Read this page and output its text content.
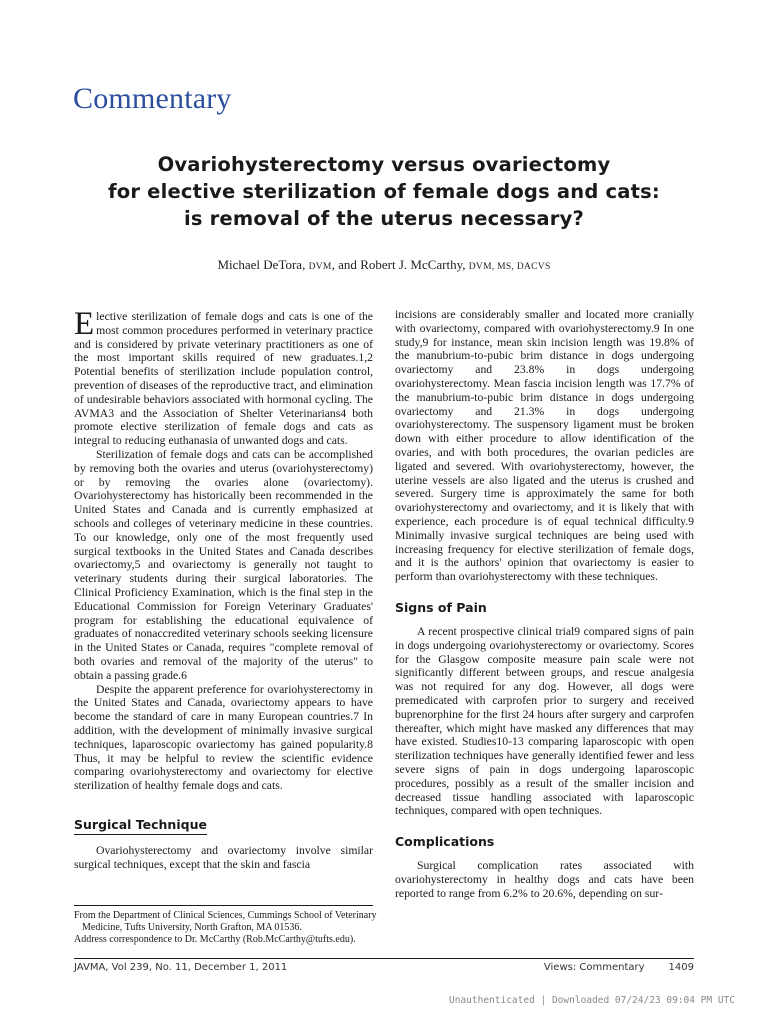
Commentary
Ovariohysterectomy versus ovariectomy
for elective sterilization of female dogs and cats:
is removal of the uterus necessary?
Michael DeTora, DVM, and Robert J. McCarthy, DVM, MS, DACVS

Elective sterilization of female dogs and cats is one of the most common procedures performed in veterinary practice and is considered by private veterinary practitioners as one of the most important skills required of new graduates.1,2 Potential benefits of sterilization include population control, prevention of diseases of the reproductive tract, and elimination of undesirable behaviors associated with hormonal cycling. The AVMA3 and the Association of Shelter Veterinarians4 both promote elective sterilization of female dogs and cats as integral to reducing euthanasia of unwanted dogs and cats.

Sterilization of female dogs and cats can be accomplished by removing both the ovaries and uterus (ovariohysterectomy) or by removing the ovaries alone (ovariectomy). Ovariohysterectomy has historically been recommended in the United States and Canada and is currently emphasized at schools and colleges of veterinary medicine in these countries. To our knowledge, only one of the most frequently used surgical textbooks in the United States and Canada describes ovariectomy,5 and ovariectomy is generally not taught to veterinary students during their surgical laboratories. The Clinical Proficiency Examination, which is the final step in the Educational Commission for Foreign Veterinary Graduates' program for establishing the educational equivalence of graduates of nonaccredited veterinary schools seeking licensure in the United States or Canada, requires "complete removal of both ovaries and removal of the majority of the uterus" to obtain a passing grade.6

Despite the apparent preference for ovariohysterectomy in the United States and Canada, ovariectomy appears to have become the standard of care in many European countries.7 In addition, with the development of minimally invasive surgical techniques, laparoscopic ovariectomy has gained popularity.8 Thus, it may be helpful to review the scientific evidence comparing ovariohysterectomy and ovariectomy for elective sterilization of healthy female dogs and cats.

Surgical Technique

Ovariohysterectomy and ovariectomy involve similar surgical techniques, except that the skin and fascia

incisions are considerably smaller and located more cranially with ovariectomy, compared with ovariohysterectomy.9 In one study,9 for instance, mean skin incision length was 19.8% of the manubrium-to-pubic brim distance in dogs undergoing ovariectomy and 23.8% in dogs undergoing ovariohysterectomy. Mean fascia incision length was 17.7% of the manubrium-to-pubic brim distance in dogs undergoing ovariectomy and 21.3% in dogs undergoing ovariohysterectomy. The suspensory ligament must be broken down with either procedure to allow identification of the ovaries, and with both procedures, the ovarian pedicles are ligated and severed. With ovariohysterectomy, however, the uterine vessels are also ligated and the uterus is crushed and severed. Surgery time is approximately the same for both ovariohysterectomy and ovariectomy, and it is likely that with experience, each procedure is of equal technical difficulty.9 Minimally invasive surgical techniques are being used with increasing frequency for elective sterilization of female dogs, and it is the authors' opinion that ovariectomy is easier to perform than ovariohysterectomy with these techniques.

Signs of Pain

A recent prospective clinical trial9 compared signs of pain in dogs undergoing ovariohysterectomy or ovariectomy. Scores for the Glasgow composite measure pain scale were not significantly different between groups, and rescue analgesia was not required for any dog. However, all dogs were premedicated with carprofen prior to surgery and received buprenorphine for the first 24 hours after surgery and carprofen thereafter, which might have masked any differences that may have existed. Studies10-13 comparing laparoscopic with open sterilization techniques have generally identified fewer and less severe signs of pain in dogs undergoing laparoscopic procedures, possibly as a result of the smaller incision and decreased tissue handling associated with laparoscopic techniques, compared with open techniques.

Complications

Surgical complication rates associated with ovariohysterectomy in healthy dogs and cats have been reported to range from 6.2% to 20.6%, depending on sur-

From the Department of Clinical Sciences, Cummings School of Veterinary Medicine, Tufts University, North Grafton, MA 01536.
Address correspondence to Dr. McCarthy (Rob.McCarthy@tufts.edu).
JAVMA, Vol 239, No. 11, December 1, 2011	Views: Commentary 1409
Unauthenticated | Downloaded 07/24/23 09:04 PM UTC
